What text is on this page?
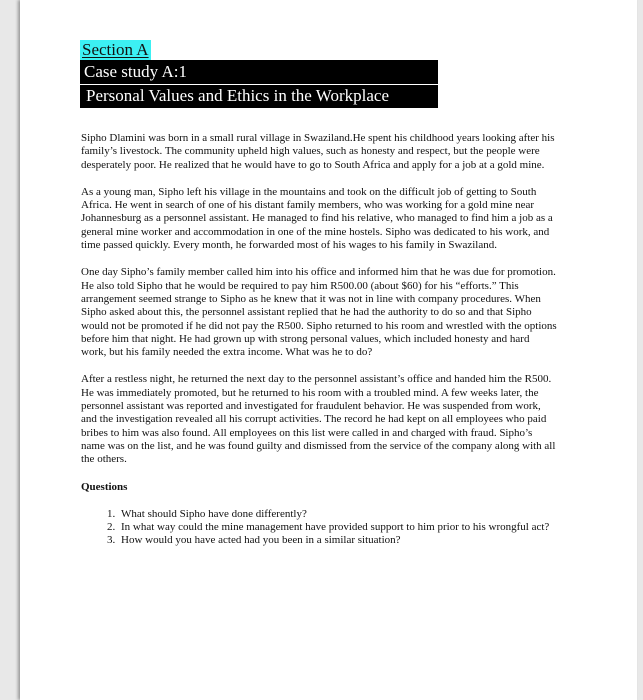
Section A
Case study A:1
Personal Values and Ethics in the Workplace

Sipho Dlamini was born in a small rural village in Swaziland.He spent his childhood years looking after his family’s livestock. The community upheld high values, such as honesty and respect, but the people were desperately poor. He realized that he would have to go to South Africa and apply for a job at a gold mine.

As a young man, Sipho left his village in the mountains and took on the difficult job of getting to South Africa. He went in search of one of his distant family members, who was working for a gold mine near Johannesburg as a personnel assistant. He managed to find his relative, who managed to find him a job as a general mine worker and accommodation in one of the mine hostels. Sipho was dedicated to his work, and time passed quickly. Every month, he forwarded most of his wages to his family in Swaziland.

One day Sipho’s family member called him into his office and informed him that he was due for promotion. He also told Sipho that he would be required to pay him R500.00 (about $60) for his “efforts.” This arrangement seemed strange to Sipho as he knew that it was not in line with company procedures. When Sipho asked about this, the personnel assistant replied that he had the authority to do so and that Sipho would not be promoted if he did not pay the R500. Sipho returned to his room and wrestled with the options before him that night. He had grown up with strong personal values, which included honesty and hard work, but his family needed the extra income. What was he to do?

After a restless night, he returned the next day to the personnel assistant’s office and handed him the R500. He was immediately promoted, but he returned to his room with a troubled mind. A few weeks later, the personnel assistant was reported and investigated for fraudulent behavior. He was suspended from work, and the investigation revealed all his corrupt activities. The record he had kept on all employees who paid bribes to him was also found. All employees on this list were called in and charged with fraud. Sipho’s name was on the list, and he was found guilty and dismissed from the service of the company along with all the others.

Questions

1. What should Sipho have done differently?
2. In what way could the mine management have provided support to him prior to his wrongful act?
3. How would you have acted had you been in a similar situation?
